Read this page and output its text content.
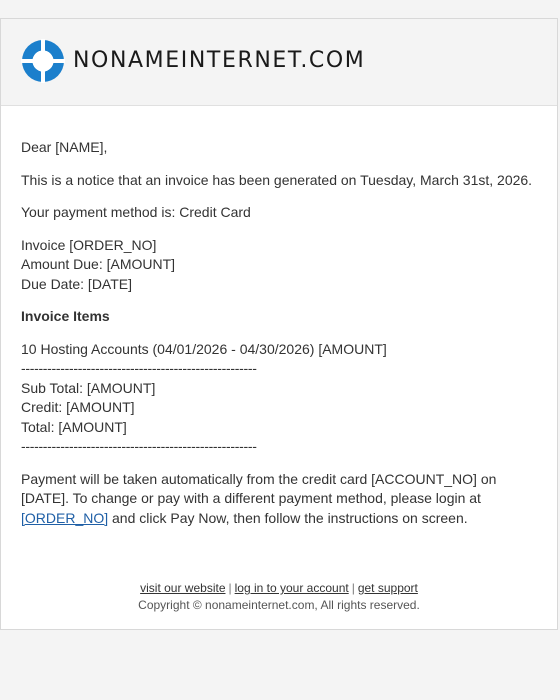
NONAMEINTERNET.COM

Dear [NAME],

This is a notice that an invoice has been generated on Tuesday, March 31st, 2026.

Your payment method is: Credit Card

Invoice [ORDER_NO]

Amount Due: [AMOUNT]

Due Date: [DATE]

Invoice Items

10 Hosting Accounts (04/01/2026 - 04/30/2026) [AMOUNT]

------------------------------------------------------

Sub Total: [AMOUNT]

Credit: [AMOUNT]

Total: [AMOUNT]

------------------------------------------------------

Payment will be taken automatically from the credit card [ACCOUNT_NO] on [DATE]. To change or pay with a different payment method, please login at [ORDER_NO] and click Pay Now, then follow the instructions on screen.

visit our website | log in to your account | get support
Copyright © nonameinternet.com, All rights reserved.
